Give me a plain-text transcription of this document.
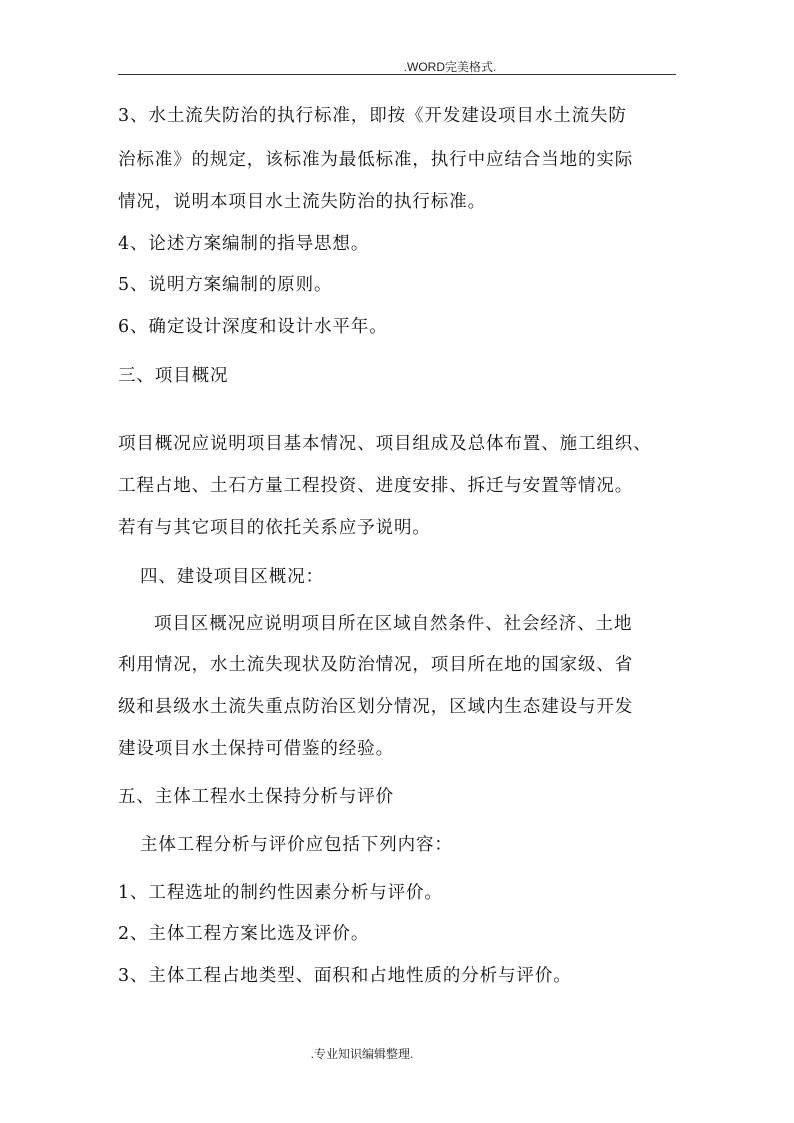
.WORD完美格式.
3、水土流失防治的执行标准，即按《开发建设项目水土流失防
治标准》的规定，该标准为最低标准，执行中应结合当地的实际
情况，说明本项目水土流失防治的执行标准。
4、论述方案编制的指导思想。
5、说明方案编制的原则。
6、确定设计深度和设计水平年。
三、项目概况
项目概况应说明项目基本情况、项目组成及总体布置、施工组织、
工程占地、土石方量工程投资、进度安排、拆迁与安置等情况。
若有与其它项目的依托关系应予说明。
四、建设项目区概况：
项目区概况应说明项目所在区域自然条件、社会经济、土地
利用情况，水土流失现状及防治情况，项目所在地的国家级、省
级和县级水土流失重点防治区划分情况，区域内生态建设与开发
建设项目水土保持可借鉴的经验。
五、主体工程水土保持分析与评价
主体工程分析与评价应包括下列内容：
1、工程选址的制约性因素分析与评价。
2、主体工程方案比选及评价。
3、主体工程占地类型、面积和占地性质的分析与评价。
.专业知识编辑整理.
